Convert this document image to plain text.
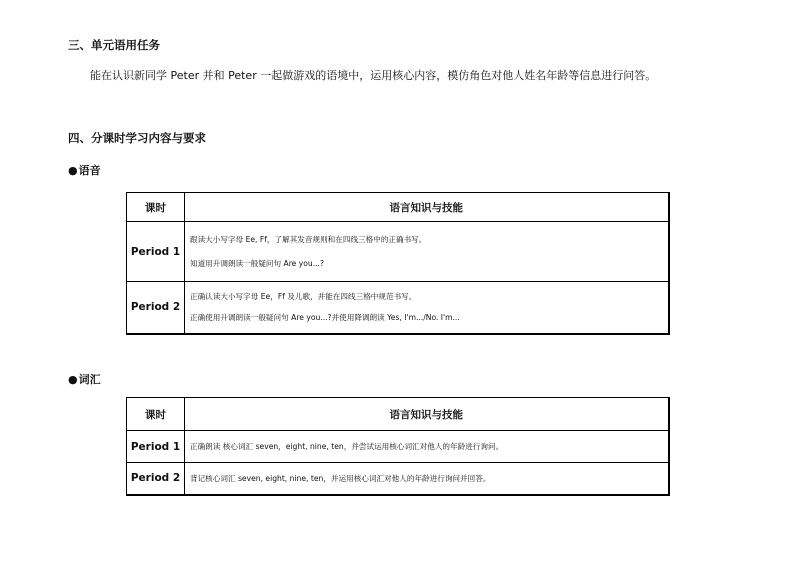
三、单元语用任务
能在认识新同学 Peter 并和 Peter 一起做游戏的语境中，运用核心内容，模仿角色对他人姓名年龄等信息进行问答。
四、分课时学习内容与要求
●语音
课时	语言知识与技能
Period 1	跟读大小写字母 Ee, Ff，了解其发音规则和在四线三格中的正确书写。
知道用升调朗读一般疑问句 Are you...?

Period 2	正确认读大小写字母 Ee，Ff 及儿歌，并能在四线三格中规范书写。
正确使用升调朗读一般疑问句 Are you...?并使用降调朗读 Yes, I'm.../No. I'm...
●词汇
课时	语言知识与技能
Period 1	正确朗读 核心词汇 seven，eight, nine, ten，并尝试运用核心词汇对他人的年龄进行询问。

Period 2	背记核心词汇 seven, eight, nine, ten，并运用核心词汇对他人的年龄进行询问并回答。
